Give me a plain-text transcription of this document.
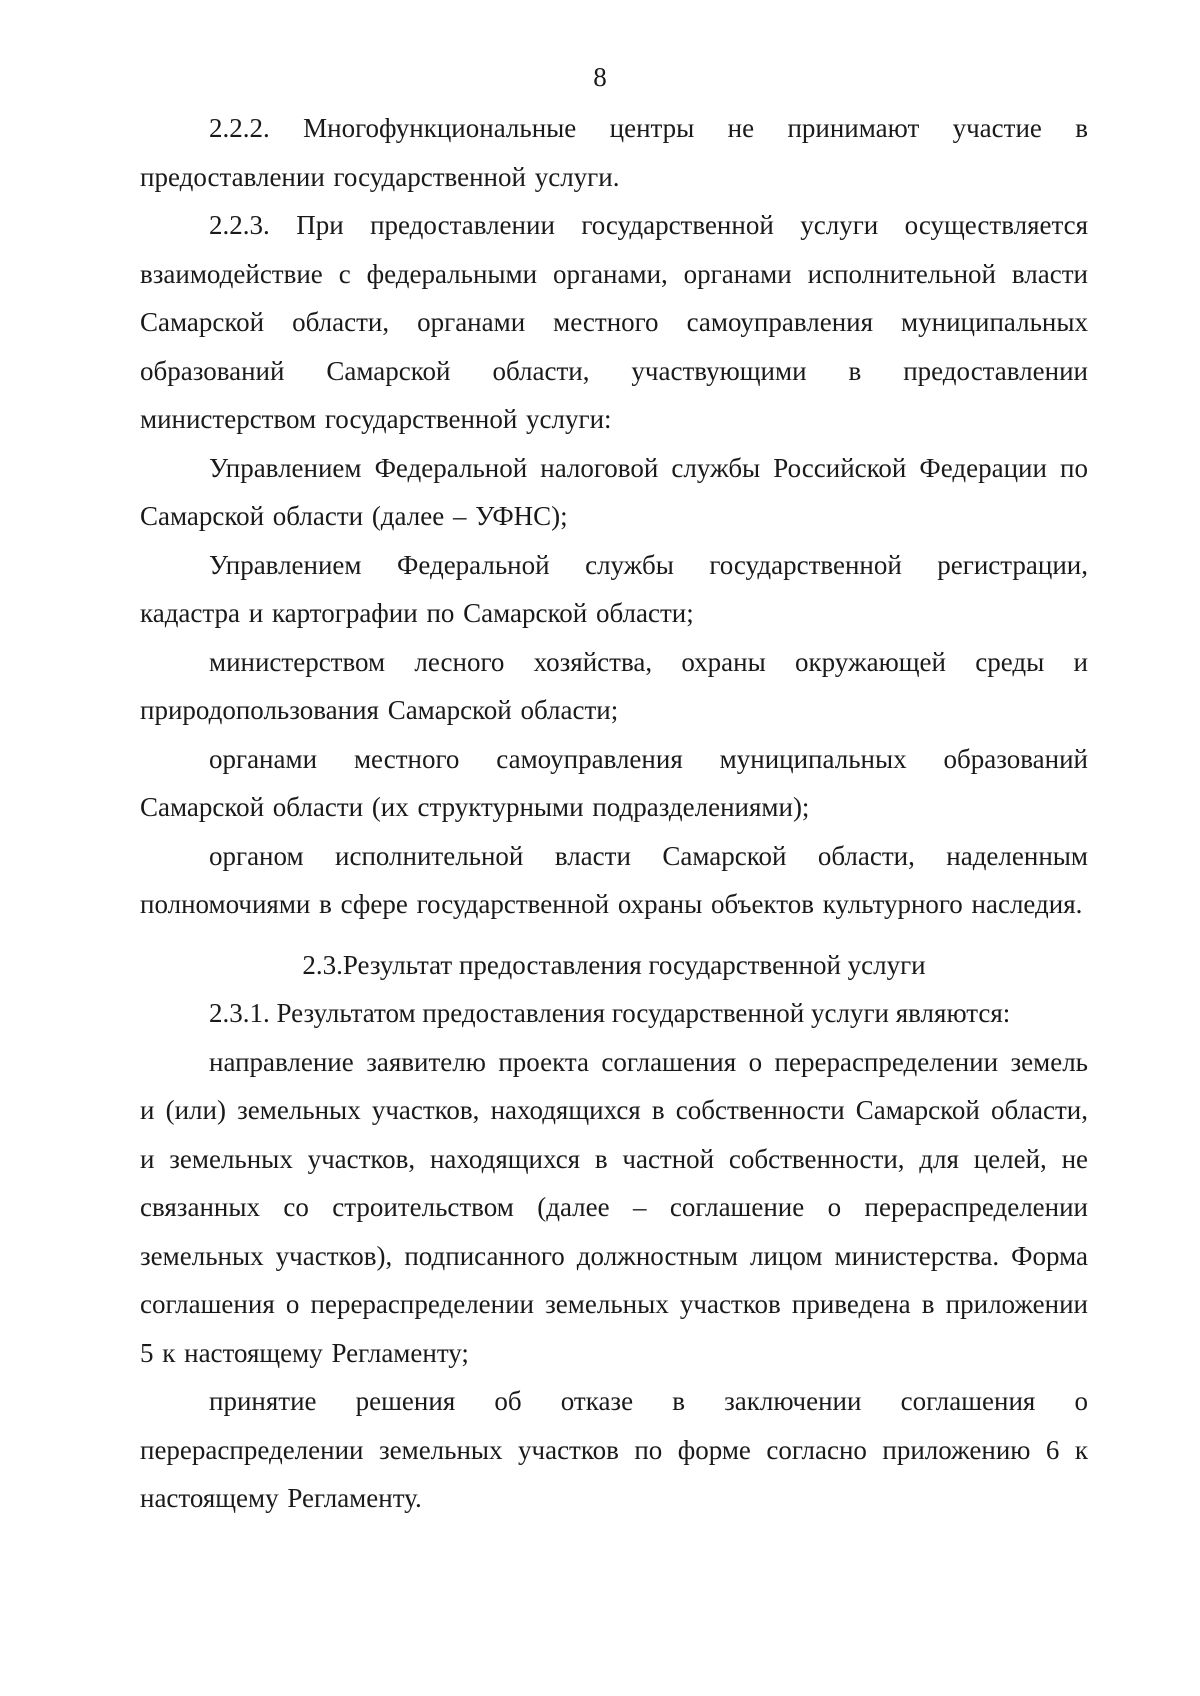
8

2.2.2. Многофункциональные центры не принимают участие в предоставлении государственной услуги.

2.2.3. При предоставлении государственной услуги осуществляется взаимодействие с федеральными органами, органами исполнительной власти Самарской области, органами местного самоуправления муниципальных образований Самарской области, участвующими в предоставлении министерством государственной услуги:

Управлением Федеральной налоговой службы Российской Федерации по Самарской области (далее – УФНС);

Управлением Федеральной службы государственной регистрации, кадастра и картографии по Самарской области;

министерством лесного хозяйства, охраны окружающей среды и природопользования Самарской области;

органами местного самоуправления муниципальных образований Самарской области (их структурными подразделениями);

органом исполнительной власти Самарской области, наделенным полномочиями в сфере государственной охраны объектов культурного наследия.

2.3.Результат предоставления государственной услуги

2.3.1. Результатом предоставления государственной услуги являются:

направление заявителю проекта соглашения о перераспределении земель и (или) земельных участков, находящихся в собственности Самарской области, и земельных участков, находящихся в частной собственности, для целей, не связанных со строительством (далее – соглашение о перераспределении земельных участков), подписанного должностным лицом министерства. Форма соглашения о перераспределении земельных участков приведена в приложении 5 к настоящему Регламенту;

принятие решения об отказе в заключении соглашения о перераспределении земельных участков по форме согласно приложению 6 к настоящему Регламенту.
